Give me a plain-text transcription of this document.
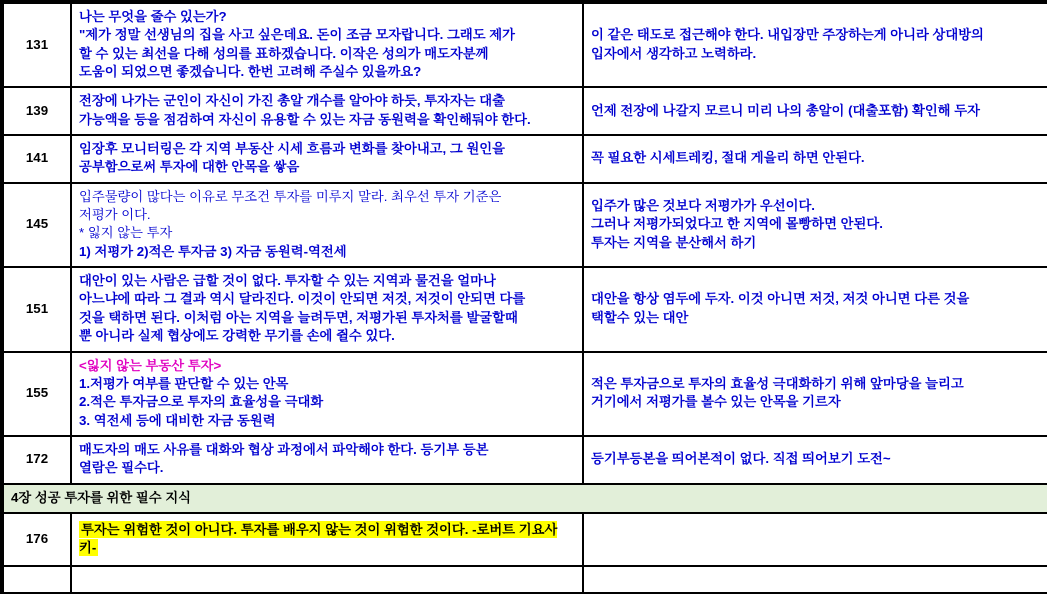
131	나는 무엇을 줄수 있는가?
"제가 정말 선생님의 집을 사고 싶은데요. 돈이 조금 모자랍니다. 그래도 제가
할 수 있는 최선을 다해 성의를 표하겠습니다. 이작은 성의가 매도자분께
도움이 되었으면 좋겠습니다. 한번 고려해 주실수 있을까요?	이 같은 태도로 접근해야 한다. 내입장만 주장하는게 아니라 상대방의
입자에서 생각하고 노력하라.

139	전장에 나가는 군인이 자신이 가진 총알 개수를 알아야 하듯, 투자자는 대출
가능액을 등을 점검하여 자신이 유용할 수 있는 자금 동원력을 확인해둬야 한다.	언제 전장에 나갈지 모르니 미리 나의 총알이 (대출포함) 확인해 두자

141	임장후 모니터링은 각 지역 부동산 시세 흐름과 변화를 찾아내고, 그 원인을
공부함으로써 투자에 대한 안목을 쌓음	꼭 필요한 시세트레킹, 절대 게을리 하면 안된다.

145	입주물량이 많다는 이유로 무조건 투자를 미루지 말라. 최우선 투자 기준은
저평가 이다.
* 잃지 않는 투자
1) 저평가 2)적은 투자금 3) 자금 동원력-역전세	입주가 많은 것보다 저평가가 우선이다.
그러나 저평가되었다고 한 지역에 몰빵하면 안된다.
투자는 지역을 분산해서 하기

151	대안이 있는 사람은 급할 것이 없다. 투자할 수 있는 지역과 물건을 얼마나
아느냐에 따라 그 결과 역시 달라진다. 이것이 안되면 저것, 저것이 안되면 다를
것을 택하면 된다. 이처럼 아는 지역을 늘려두면, 저평가된 투자처를 발굴할때
뿐 아니라 실제 협상에도 강력한 무기를 손에 쥘수 있다.	대안을 항상 염두에 두자. 이것 아니면 저것, 저것 아니면 다른 것을
택할수 있는 대안

155	<잃지 않는 부동산 투자>
1.저평가 여부를 판단할 수 있는 안목
2.적은 투자금으로 투자의 효율성을 극대화
3. 역전세 등에 대비한 자금 동원력	적은 투자금으로 투자의 효율성 극대화하기 위해 앞마당을 늘리고
거기에서 저평가를 볼수 있는 안목을 기르자

172	매도자의 매도 사유를 대화와 협상 과정에서 파악해야 한다. 등기부 등본
열람은 필수다.	등기부등본을 띄어본적이 없다. 직접 띄어보기 도전~

4장 성공 투자를 위한 필수 지식		
176	투자는 위험한 것이 아니다. 투자를 배우지 않는 것이 위험한 것이다. -로버트 기요사키-	
